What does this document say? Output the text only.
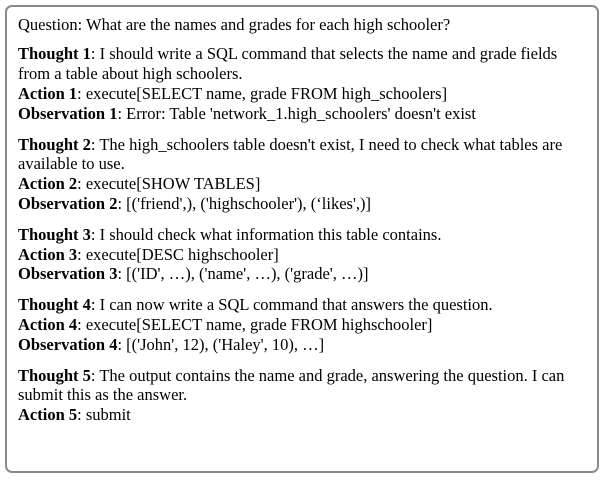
Question: What are the names and grades for each high schooler?

Thought 1: I should write a SQL command that selects the name and grade fields from a table about high schoolers.

Action 1: execute[SELECT name, grade FROM high_schoolers]

Observation 1: Error: Table 'network_1.high_schoolers' doesn't exist

Thought 2: The high_schoolers table doesn't exist, I need to check what tables are available to use.

Action 2: execute[SHOW TABLES]

Observation 2: [('friend',), ('highschooler'), (‘likes',)]

Thought 3: I should check what information this table contains.

Action 3: execute[DESC highschooler]

Observation 3: [('ID', …), ('name', …), ('grade', …)]

Thought 4: I can now write a SQL command that answers the question.

Action 4: execute[SELECT name, grade FROM highschooler]

Observation 4: [('John', 12), ('Haley', 10), …]

Thought 5: The output contains the name and grade, answering the question. I can submit this as the answer.

Action 5: submit
